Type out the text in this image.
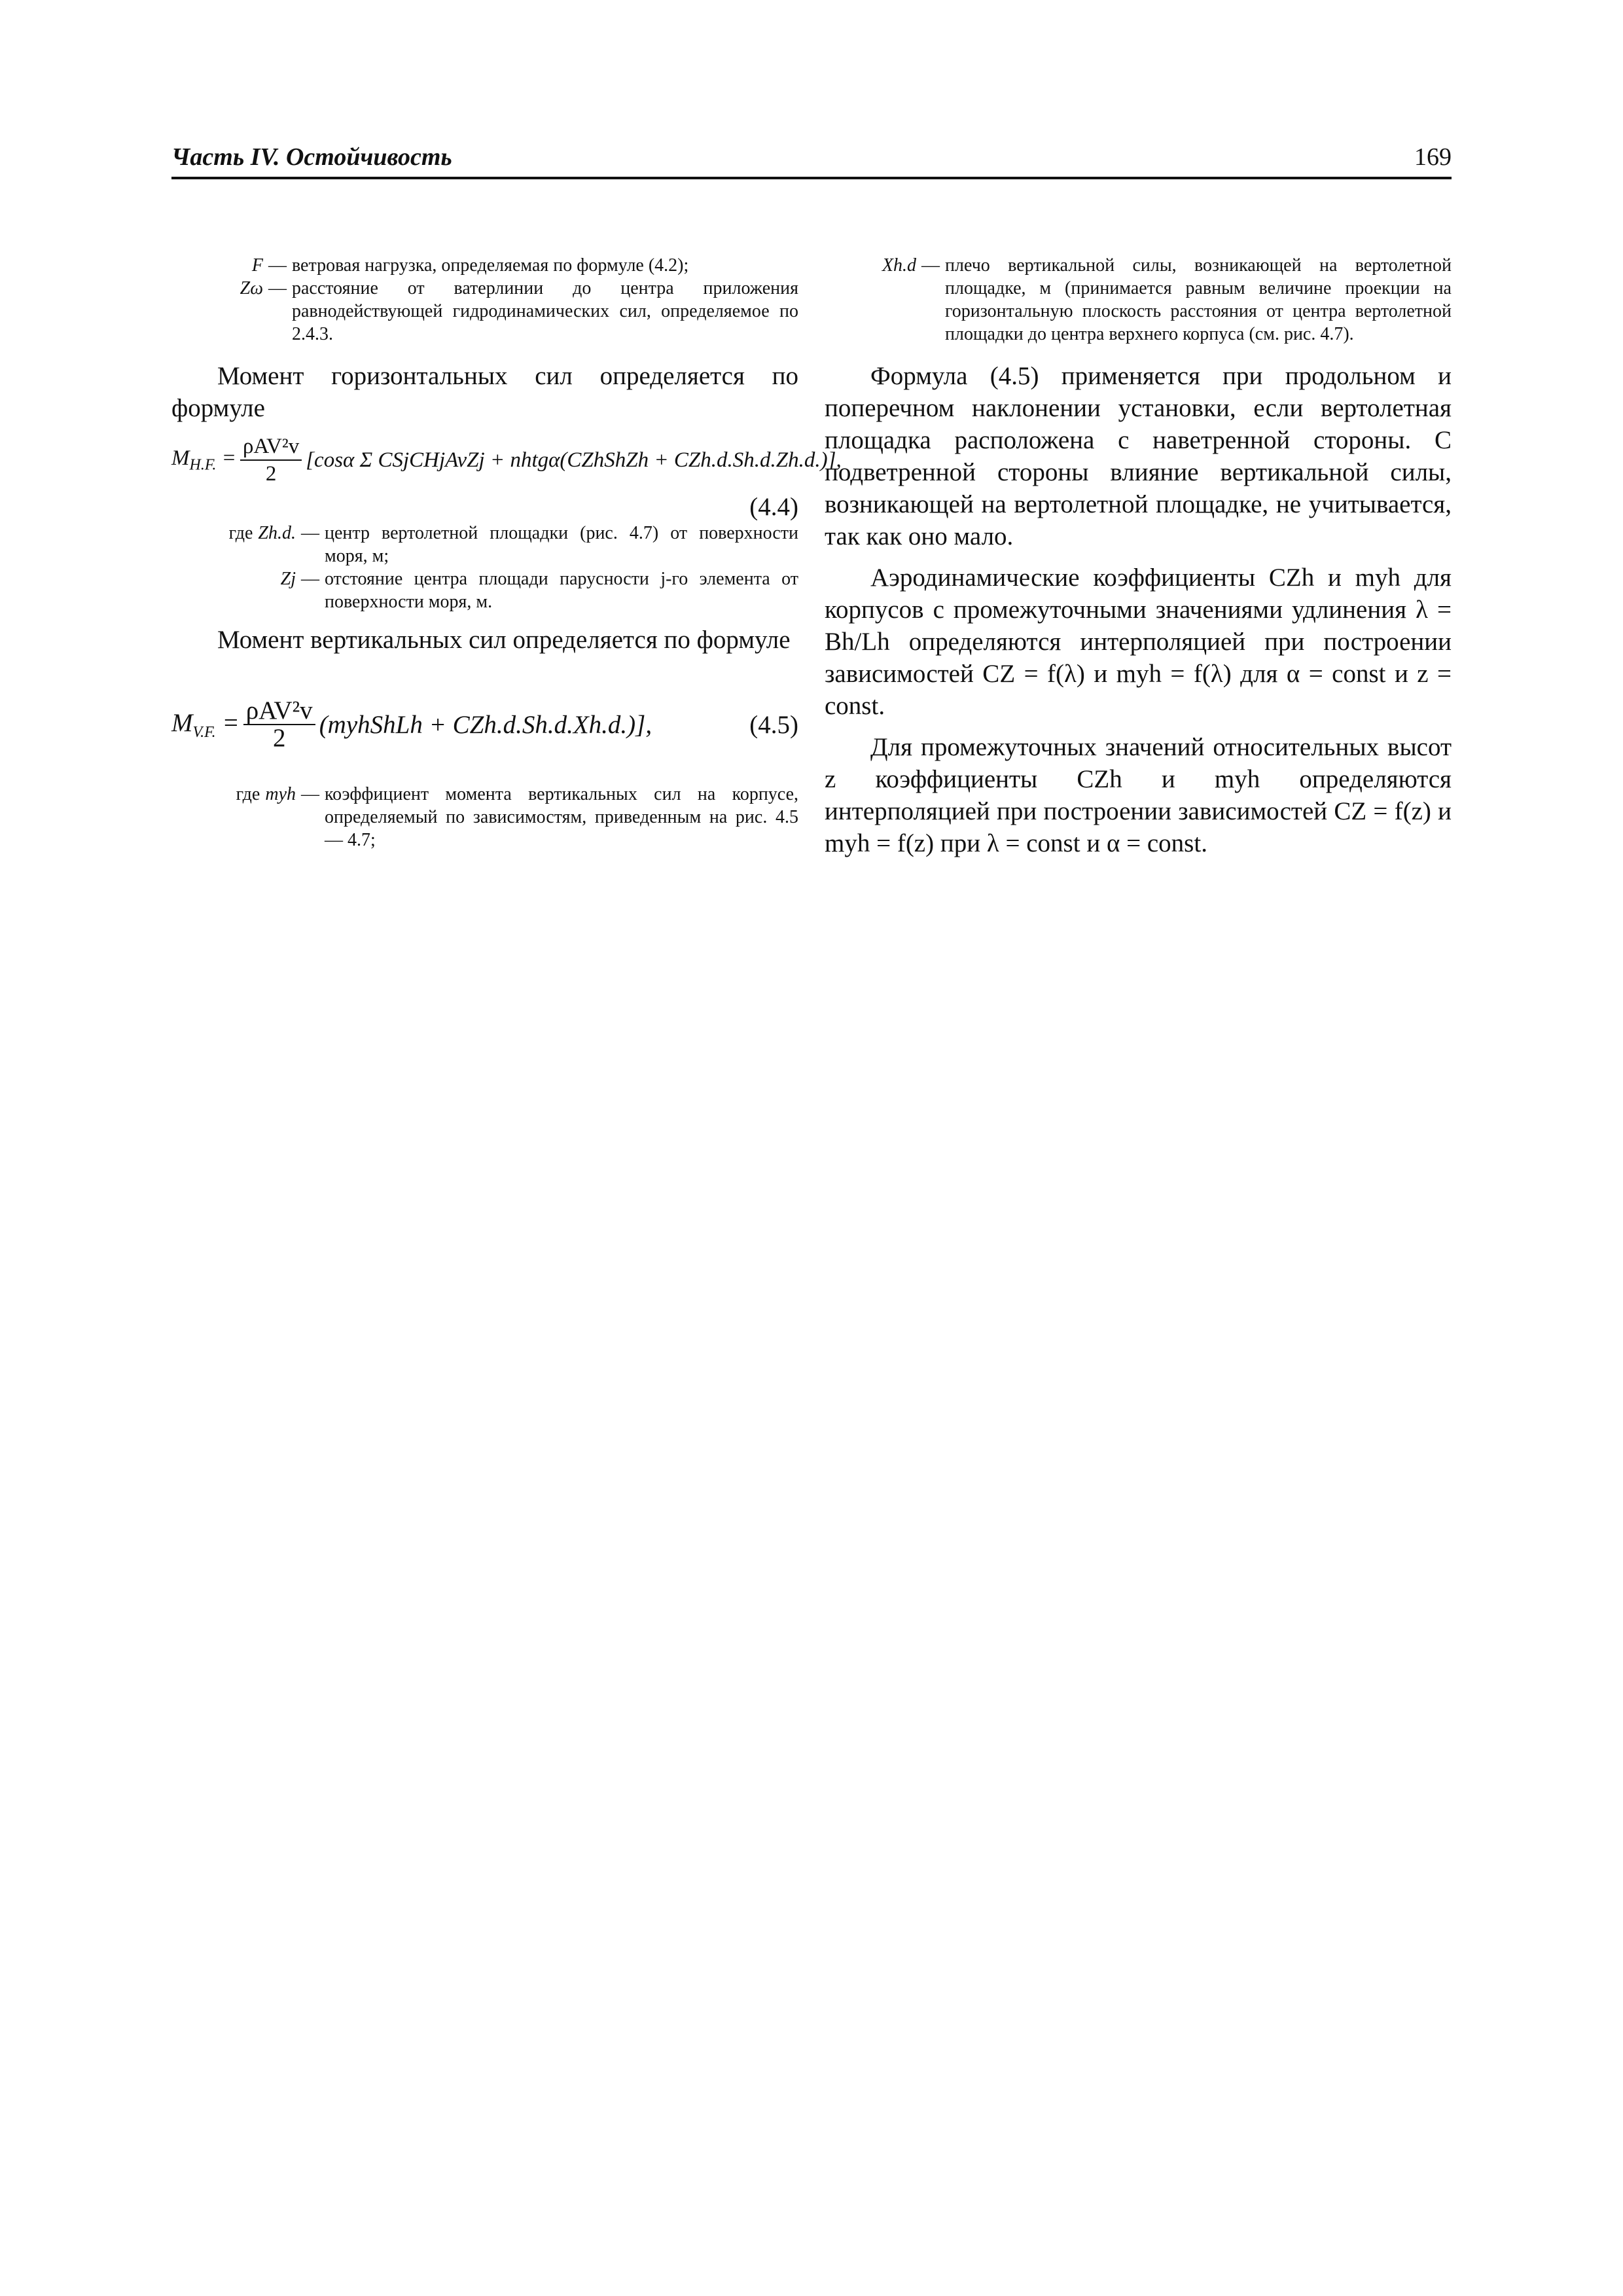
Часть IV. Остойчивость	169
F — ветровая нагрузка, определяемая по формуле (4.2);
Zω — расстояние от ватерлинии до центра приложения равнодействующей гидродинамических сил, определяемое по 2.4.3.

Момент горизонтальных сил определяется по формуле

$M_{H.F.} = \frac{\text{ρAV²v}}{2} [\cos\alpha$ Σ CSjCHjAvZj + nhtgα(CZhShZh + CZh.d.Sh.d.Zh.d.)],
(4.4)
где Zh.d. — центр вертолетной площадки (рис. 4.7) от поверхности моря, м;
Zj — отстояние центра площади парусности j-го элемента от поверхности моря, м.

Момент вертикальных сил определяется по формуле

$M_{V.F.} = \frac{\text{ρAV²v}}{2}$ (myhShLh + CZh.d.Sh.d.Xh.d.)],	(4.5)
где myh — коэффициент момента вертикальных сил на корпусе, определяемый по зависимостям, приведенным на рис. 4.5 — 4.7;
Xh.d — плечо вертикальной силы, возникающей на вертолетной площадке, м (принимается равным величине проекции на горизонтальную плоскость расстояния от центра вертолетной площадки до центра верхнего корпуса (см. рис. 4.7).

Формула (4.5) применяется при продольном и поперечном наклонении установки, если вертолетная площадка расположена с наветренной стороны. С подветренной стороны влияние вертикальной силы, возникающей на вертолетной площадке, не учитывается, так как оно мало.

Аэродинамические коэффициенты CZh и myh для корпусов с промежуточными значениями удлинения λ = Bh/Lh определяются интерполяцией при построении зависимостей CZ = f(λ) и myh = f(λ) для α = const и z = const.

Для промежуточных значений относительных высот z коэффициенты CZh и myh определяются интерполяцией при построении зависимостей CZ = f(z) и myh = f(z) при λ = const и α = const.
